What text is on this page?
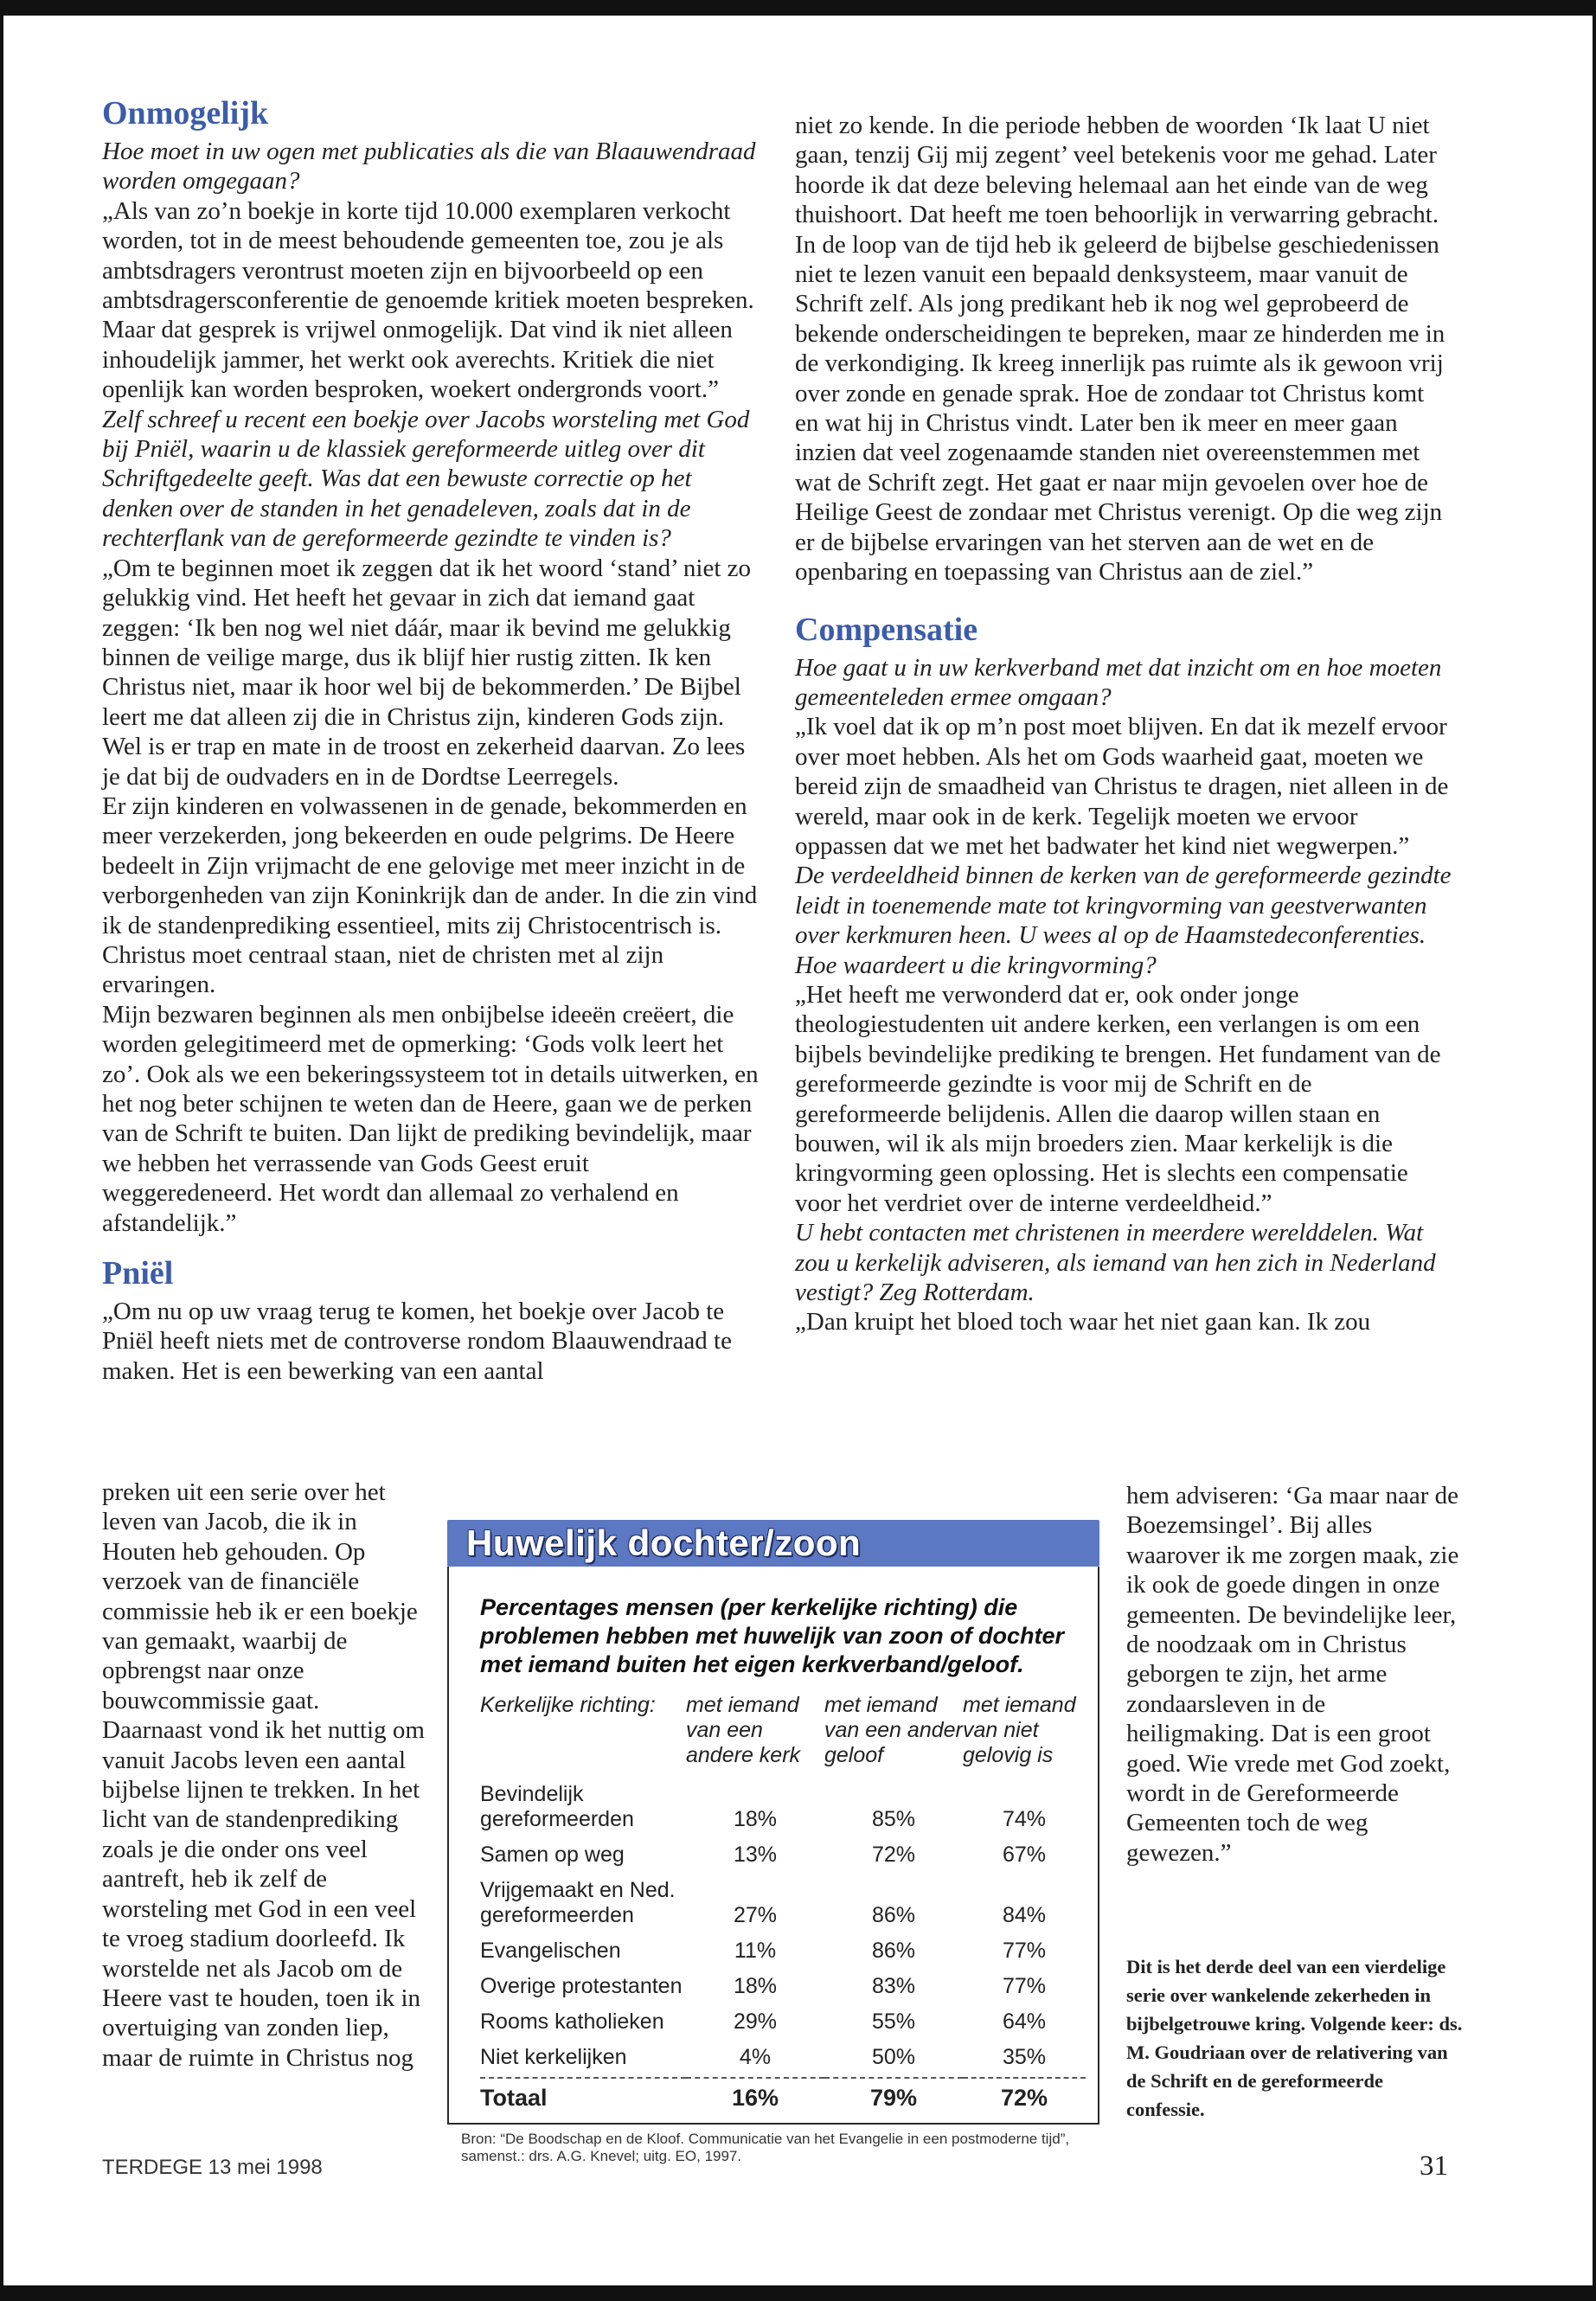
Onmogelijk

Hoe moet in uw ogen met publicaties als die van Blaauwendraad worden omgegaan?

„Als van zo’n boekje in korte tijd 10.000 exemplaren verkocht worden, tot in de meest behoudende gemeenten toe, zou je als ambtsdragers verontrust moeten zijn en bijvoorbeeld op een ambtsdragersconferentie de genoemde kritiek moeten bespreken. Maar dat gesprek is vrijwel onmogelijk. Dat vind ik niet alleen inhoudelijk jammer, het werkt ook averechts. Kritiek die niet openlijk kan worden besproken, woekert ondergronds voort.”

Zelf schreef u recent een boekje over Jacobs worsteling met God bij Pniël, waarin u de klassiek gereformeerde uitleg over dit Schriftgedeelte geeft. Was dat een bewuste correctie op het denken over de standen in het genadeleven, zoals dat in de rechterflank van de gereformeerde gezindte te vinden is?

„Om te beginnen moet ik zeggen dat ik het woord ‘stand’ niet zo gelukkig vind. Het heeft het gevaar in zich dat iemand gaat zeggen: ‘Ik ben nog wel niet dáár, maar ik bevind me gelukkig binnen de veilige marge, dus ik blijf hier rustig zitten. Ik ken Christus niet, maar ik hoor wel bij de bekommerden.’ De Bijbel leert me dat alleen zij die in Christus zijn, kinderen Gods zijn. Wel is er trap en mate in de troost en zekerheid daarvan. Zo lees je dat bij de oudvaders en in de Dordtse Leerregels.

Er zijn kinderen en volwassenen in de genade, bekommerden en meer verzekerden, jong bekeerden en oude pelgrims. De Heere bedeelt in Zijn vrijmacht de ene gelovige met meer inzicht in de verborgenheden van zijn Koninkrijk dan de ander. In die zin vind ik de standenprediking essentieel, mits zij Christocentrisch is. Christus moet centraal staan, niet de christen met al zijn ervaringen.

Mijn bezwaren beginnen als men onbijbelse ideeën creëert, die worden gelegitimeerd met de opmerking: ‘Gods volk leert het zo’. Ook als we een bekeringssysteem tot in details uitwerken, en het nog beter schijnen te weten dan de Heere, gaan we de perken van de Schrift te buiten. Dan lijkt de prediking bevindelijk, maar we hebben het verrassende van Gods Geest eruit weggeredeneerd. Het wordt dan allemaal zo verhalend en afstandelijk.”

Pniël

„Om nu op uw vraag terug te komen, het boekje over Jacob te Pniël heeft niets met de controverse rondom Blaauwendraad te maken. Het is een bewerking van een aantal

preken uit een serie over het leven van Jacob, die ik in Houten heb gehouden. Op verzoek van de financiële commissie heb ik er een boekje van gemaakt, waarbij de opbrengst naar onze bouwcommissie gaat.

Daarnaast vond ik het nuttig om vanuit Jacobs leven een aantal bijbelse lijnen te trekken. In het licht van de standenprediking zoals je die onder ons veel aantreft, heb ik zelf de worsteling met God in een veel te vroeg stadium doorleefd. Ik worstelde net als Jacob om de Heere vast te houden, toen ik in overtuiging van zonden liep, maar de ruimte in Christus nog

niet zo kende. In die periode hebben de woorden ‘Ik laat U niet gaan, tenzij Gij mij zegent’ veel betekenis voor me gehad. Later hoorde ik dat deze beleving helemaal aan het einde van de weg thuishoort. Dat heeft me toen behoorlijk in verwarring gebracht.

In de loop van de tijd heb ik geleerd de bijbelse geschiedenissen niet te lezen vanuit een bepaald denksysteem, maar vanuit de Schrift zelf. Als jong predikant heb ik nog wel geprobeerd de bekende onderscheidingen te bepreken, maar ze hinderden me in de verkondiging. Ik kreeg innerlijk pas ruimte als ik gewoon vrij over zonde en genade sprak. Hoe de zondaar tot Christus komt en wat hij in Christus vindt. Later ben ik meer en meer gaan inzien dat veel zogenaamde standen niet overeenstemmen met wat de Schrift zegt. Het gaat er naar mijn gevoelen over hoe de Heilige Geest de zondaar met Christus verenigt. Op die weg zijn er de bijbelse ervaringen van het sterven aan de wet en de openbaring en toepassing van Christus aan de ziel.”

Compensatie

Hoe gaat u in uw kerkverband met dat inzicht om en hoe moeten gemeenteleden ermee omgaan?

„Ik voel dat ik op m’n post moet blijven. En dat ik mezelf ervoor over moet hebben. Als het om Gods waarheid gaat, moeten we bereid zijn de smaadheid van Christus te dragen, niet alleen in de wereld, maar ook in de kerk. Tegelijk moeten we ervoor oppassen dat we met het badwater het kind niet wegwerpen.”

De verdeeldheid binnen de kerken van de gereformeerde gezindte leidt in toenemende mate tot kringvorming van geestverwanten over kerkmuren heen. U wees al op de Haamstedeconferenties. Hoe waardeert u die kringvorming?

„Het heeft me verwonderd dat er, ook onder jonge theologiestudenten uit andere kerken, een verlangen is om een bijbels bevindelijke prediking te brengen. Het fundament van de gereformeerde gezindte is voor mij de Schrift en de gereformeerde belijdenis. Allen die daarop willen staan en bouwen, wil ik als mijn broeders zien. Maar kerkelijk is die kringvorming geen oplossing. Het is slechts een compensatie voor het verdriet over de interne verdeeldheid.”

U hebt contacten met christenen in meerdere werelddelen. Wat zou u kerkelijk adviseren, als iemand van hen zich in Nederland vestigt? Zeg Rotterdam.

„Dan kruipt het bloed toch waar het niet gaan kan. Ik zou

hem adviseren: ‘Ga maar naar de Boezemsingel’. Bij alles waarover ik me zorgen maak, zie ik ook de goede dingen in onze gemeenten. De bevindelijke leer, de noodzaak om in Christus geborgen te zijn, het arme zondaarsleven in de heiligmaking. Dat is een groot goed. Wie vrede met God zoekt, wordt in de Gereformeerde Gemeenten toch de weg gewezen.”

Dit is het derde deel van een vierdelige serie over wankelende zekerheden in bijbelgetrouwe kring. Volgende keer: ds. M. Goudriaan over de relativering van de Schrift en de gereformeerde confessie.
Huwelijk dochter/zoon
Percentages mensen (per kerkelijke richting) die problemen hebben met huwelijk van zoon of dochter met iemand buiten het eigen kerkverband/geloof.
Kerkelijke richting:	met iemand van een andere kerk	met iemand van een ander geloof	met iemand van niet gelovig is
Bevindelijk gereformeerden	18%	85%	74%
Samen op weg	13%	72%	67%
Vrijgemaakt en Ned. gereformeerden	27%	86%	84%
Evangelischen	11%	86%	77%
Overige protestanten	18%	83%	77%
Rooms katholieken	29%	55%	64%
Niet kerkelijken	4%	50%	35%
Totaal	16%	79%	72%
Bron: “De Boodschap en de Kloof. Communicatie van het Evangelie in een postmoderne tijd”, samenst.: drs. A.G. Knevel; uitg. EO, 1997.
TERDEGE 13 mei 1998	31
